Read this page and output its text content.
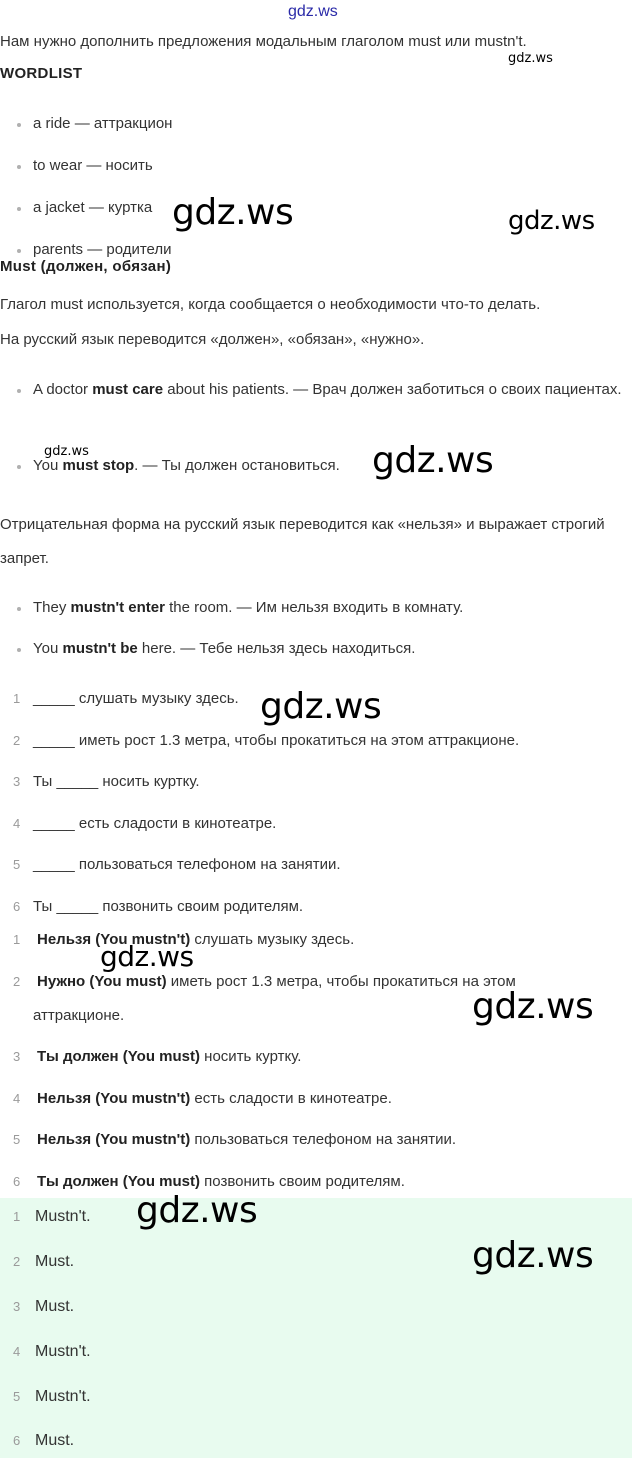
gdz.ws
Нам нужно дополнить предложения модальным глаголом must или mustn't.
gdz.ws
WORDLIST
a ride — аттракцион
to wear — носить
a jacket — куртка gdz.ws	gdz.ws
parents — родители
Must (должен, обязан)
Глагол must используется, когда сообщается о необходимости что-то делать.
На русский язык переводится «должен», «обязан», «нужно».
A doctor must care about his patients. — Врач должен заботиться о своих пациентах.
gdz.ws
You must stop. — Ты должен остановиться. gdz.ws
Отрицательная форма на русский язык переводится как «нельзя» и выражает строгий запрет.
They mustn't enter the room. — Им нельзя входить в комнату.
You mustn't be here. — Тебе нельзя здесь находиться.
1 _____ слушать музыку здесь. gdz.ws
2 _____ иметь рост 1.3 метра, чтобы прокатиться на этом аттракционе.
3 Ты _____ носить куртку.
4 _____ есть сладости в кинотеатре.
5 _____ пользоваться телефоном на занятии.
6 Ты _____ позвонить своим родителям.
1 Нельзя (You mustn't) слушать музыку здесь.
gdz.ws
2 Нужно (You must) иметь рост 1.3 метра, чтобы прокатиться на этом аттракционе.	gdz.ws
3 Ты должен (You must) носить куртку.
4 Нельзя (You mustn't) есть сладости в кинотеатре.
5 Нельзя (You mustn't) пользоваться телефоном на занятии.
6 Ты должен (You must) позвонить своим родителям.
1 Mustn't. gdz.ws
2 Must.	gdz.ws
3 Must.
4 Mustn't.
5 Mustn't.
6 Must.
